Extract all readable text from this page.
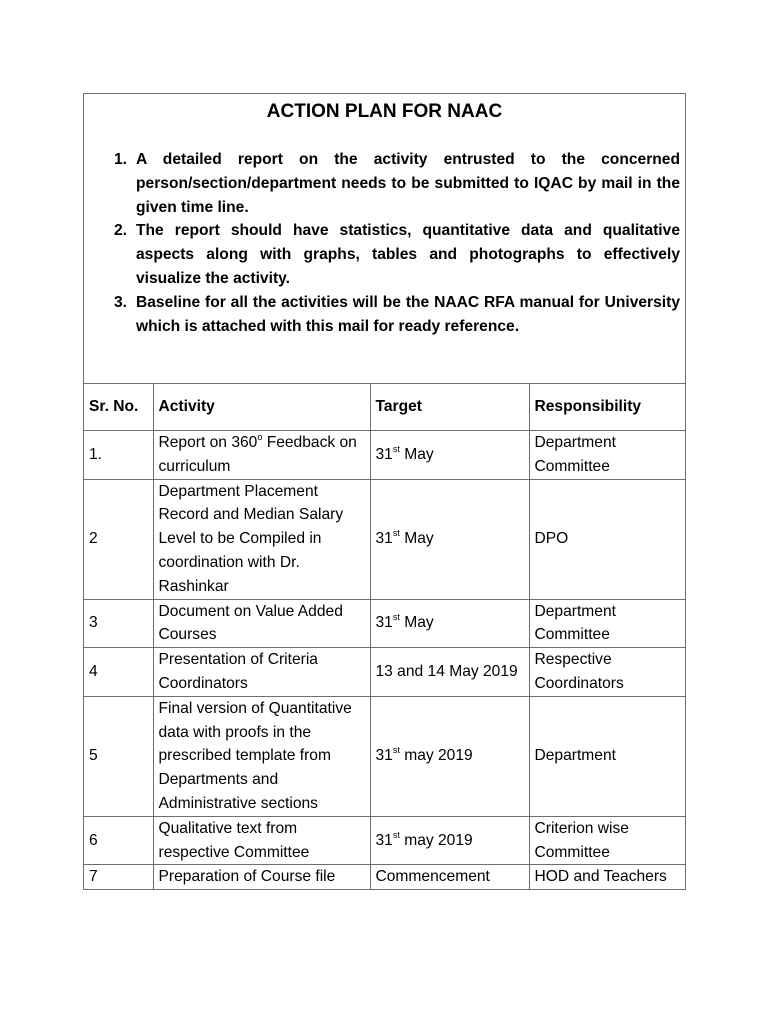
ACTION PLAN FOR NAAC
1. A detailed report on the activity entrusted to the concerned person/section/department needs to be submitted to IQAC by mail in the given time line.
2. The report should have statistics, quantitative data and qualitative aspects along with graphs, tables and photographs to effectively visualize the activity.
3. Baseline for all the activities will be the NAAC RFA manual for University which is attached with this mail for ready reference.
Sr. No.	Activity	Target	Responsibility
1.	Report on 360$^o$ Feedback on curriculum	31st May	Department Committee
2	Department Placement Record and Median Salary Level to be Compiled in coordination with Dr. Rashinkar	31st May	DPO
3	Document on Value Added Courses	31st May	Department Committee
4	Presentation of Criteria Coordinators	13 and 14 May 2019	Respective Coordinators
5	Final version of Quantitative data with proofs in the prescribed template from Departments and Administrative sections	31st may 2019	Department
6	Qualitative text from respective Committee	31st may 2019	Criterion wise Committee
7	Preparation of Course file	Commencement	HOD and Teachers
